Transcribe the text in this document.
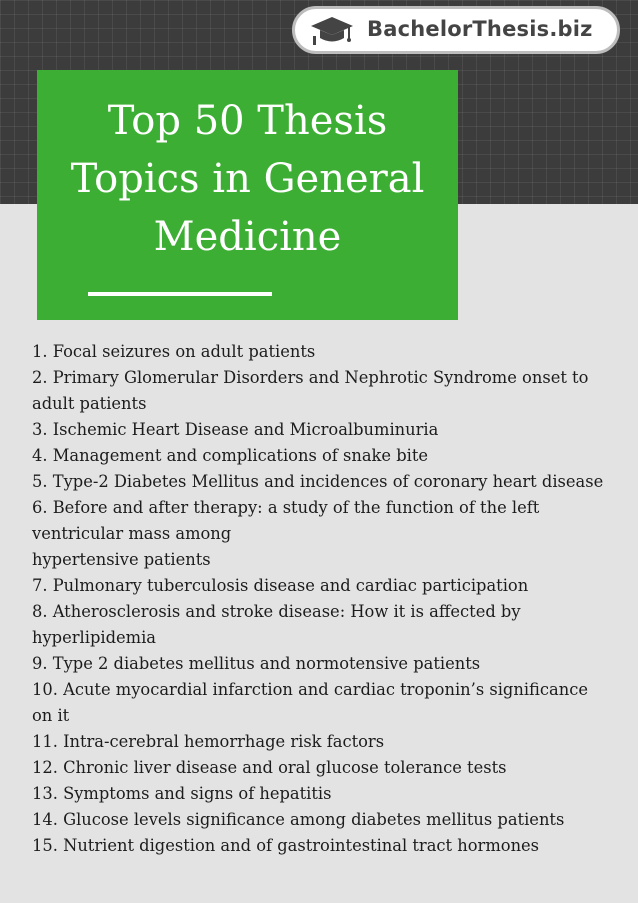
BachelorThesis.biz
Top 50 Thesis
Topics in General
Medicine
1. Focal seizures on adult patients
2. Primary Glomerular Disorders and Nephrotic Syndrome onset to adult patients
3. Ischemic Heart Disease and Microalbuminuria
4. Management and complications of snake bite
5. Type-2 Diabetes Mellitus and incidences of coronary heart disease
6. Before and after therapy: a study of the function of the left ventricular mass among
hypertensive patients
7. Pulmonary tuberculosis disease and cardiac participation
8. Atherosclerosis and stroke disease: How it is affected by hyperlipidemia
9. Type 2 diabetes mellitus and normotensive patients
10. Acute myocardial infarction and cardiac troponin’s significance on it
11. Intra-cerebral hemorrhage risk factors
12. Chronic liver disease and oral glucose tolerance tests
13. Symptoms and signs of hepatitis
14. Glucose levels significance among diabetes mellitus patients
15. Nutrient digestion and of gastrointestinal tract hormones
